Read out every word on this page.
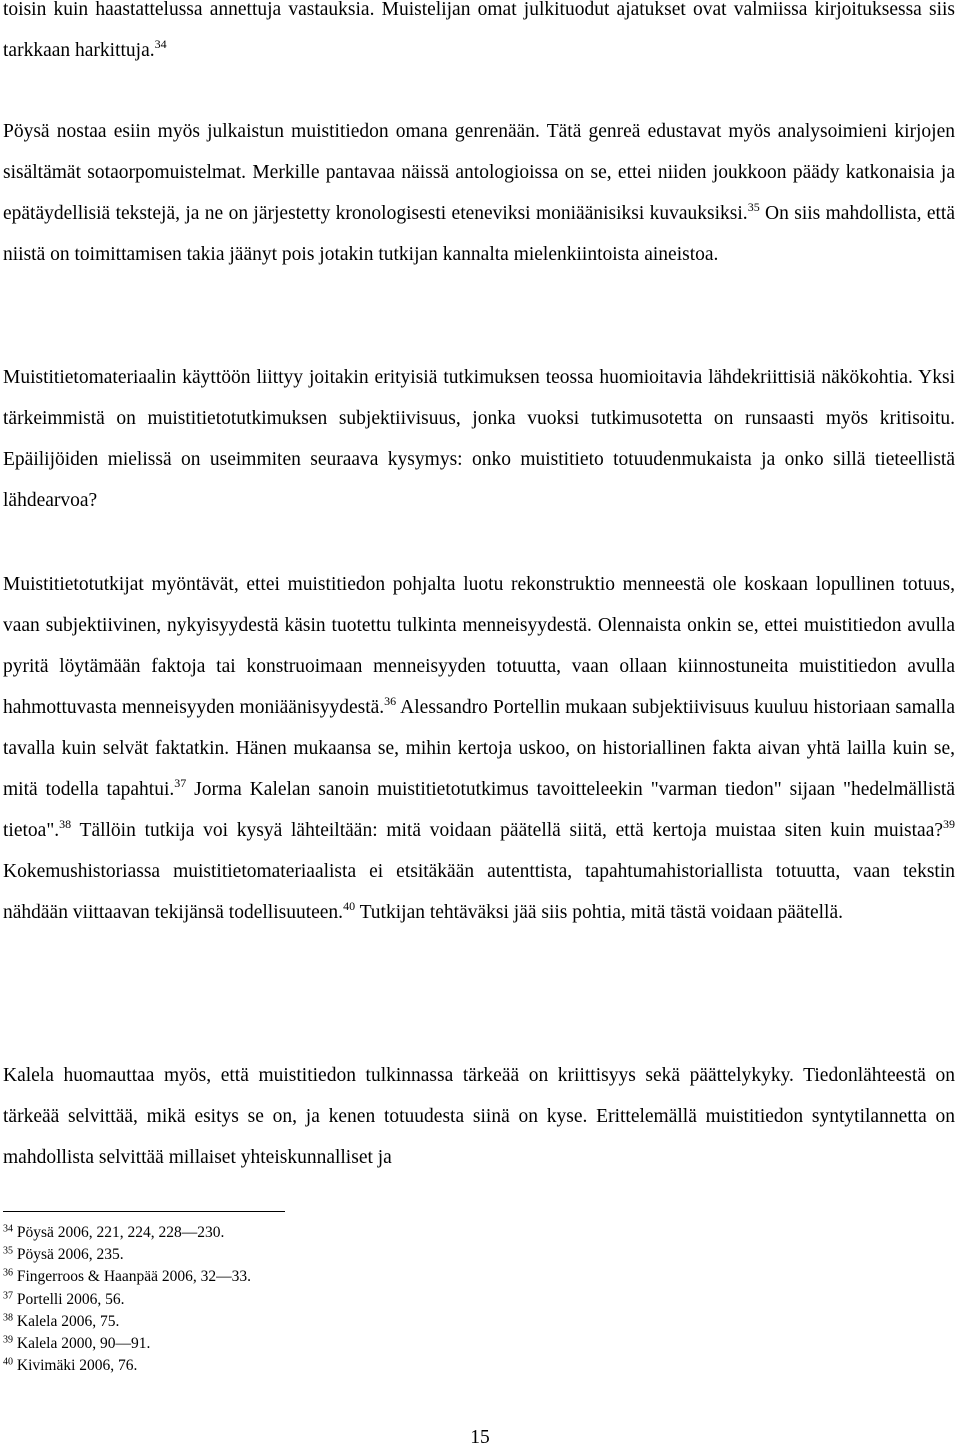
toisin kuin haastattelussa annettuja vastauksia. Muistelijan omat julkituodut ajatukset ovat valmiissa kirjoituksessa siis tarkkaan harkittuja.$^{34}$

Pöysä nostaa esiin myös julkaistun muistitiedon omana genrenään. Tätä genreä edustavat myös analysoimieni kirjojen sisältämät sotaorpomuistelmat. Merkille pantavaa näissä antologioissa on se, ettei niiden joukkoon päädy katkonaisia ja epätäydellisiä tekstejä, ja ne on järjestetty kronologisesti eteneviksi moniäänisiksi kuvauksiksi.$^{35}$ On siis mahdollista, että niistä on toimittamisen takia jäänyt pois jotakin tutkijan kannalta mielenkiintoista aineistoa.

Muistitietomateriaalin käyttöön liittyy joitakin erityisiä tutkimuksen teossa huomioitavia lähdekriittisiä näkökohtia. Yksi tärkeimmistä on muistitietotutkimuksen subjektiivisuus, jonka vuoksi tutkimusotetta on runsaasti myös kritisoitu. Epäilijöiden mielissä on useimmiten seuraava kysymys: onko muistitieto totuudenmukaista ja onko sillä tieteellistä lähdearvoa?

Muistitietotutkijat myöntävät, ettei muistitiedon pohjalta luotu rekonstruktio menneestä ole koskaan lopullinen totuus, vaan subjektiivinen, nykyisyydestä käsin tuotettu tulkinta menneisyydestä. Olennaista onkin se, ettei muistitiedon avulla pyritä löytämään faktoja tai konstruoimaan menneisyyden totuutta, vaan ollaan kiinnostuneita muistitiedon avulla hahmottuvasta menneisyyden moniäänisyydestä.$^{36}$ Alessandro Portellin mukaan subjektiivisuus kuuluu historiaan samalla tavalla kuin selvät faktatkin. Hänen mukaansa se, mihin kertoja uskoo, on historiallinen fakta aivan yhtä lailla kuin se, mitä todella tapahtui.$^{37}$ Jorma Kalelan sanoin muistitietotutkimus tavoitteleekin "varman tiedon" sijaan "hedelmällistä tietoa".$^{38}$ Tällöin tutkija voi kysyä lähteiltään: mitä voidaan päätellä siitä, että kertoja muistaa siten kuin muistaa?$^{39}$ Kokemushistoriassa muistitietomateriaalista ei etsitäkään autenttista, tapahtumahistoriallista totuutta, vaan tekstin nähdään viittaavan tekijänsä todellisuuteen.$^{40}$ Tutkijan tehtäväksi jää siis pohtia, mitä tästä voidaan päätellä.

Kalela huomauttaa myös, että muistitiedon tulkinnassa tärkeää on kriittisyys sekä päättelykyky. Tiedonlähteestä on tärkeää selvittää, mikä esitys se on, ja kenen totuudesta siinä on kyse. Erittelemällä muistitiedon syntytilannetta on mahdollista selvittää millaiset yhteiskunnalliset ja

$^{34}$ Pöysä 2006, 221, 224, 228—230.
$^{35}$ Pöysä 2006, 235.
$^{36}$ Fingerroos & Haanpää 2006, 32—33.
$^{37}$ Portelli 2006, 56.
$^{38}$ Kalela 2006, 75.
$^{39}$ Kalela 2000, 90—91.
$^{40}$ Kivimäki 2006, 76.
15
